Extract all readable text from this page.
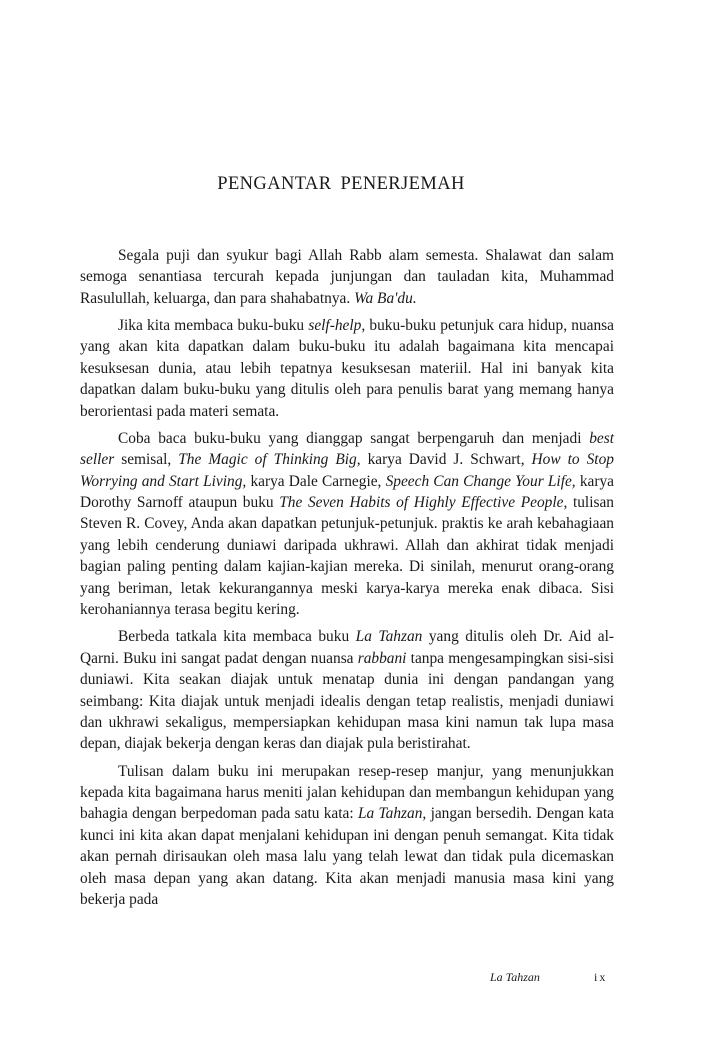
PENGANTAR PENERJEMAH

Segala puji dan syukur bagi Allah Rabb alam semesta. Shalawat dan salam semoga senantiasa tercurah kepada junjungan dan tauladan kita, Muhammad Rasulullah, keluarga, dan para shahabatnya. Wa Ba'du.

Jika kita membaca buku-buku self-help, buku-buku petunjuk cara hidup, nuansa yang akan kita dapatkan dalam buku-buku itu adalah bagaimana kita mencapai kesuksesan dunia, atau lebih tepatnya kesuksesan materiil. Hal ini banyak kita dapatkan dalam buku-buku yang ditulis oleh para penulis barat yang memang hanya berorientasi pada materi semata.

Coba baca buku-buku yang dianggap sangat berpengaruh dan menjadi best seller semisal, The Magic of Thinking Big, karya David J. Schwart, How to Stop Worrying and Start Living, karya Dale Carnegie, Speech Can Change Your Life, karya Dorothy Sarnoff ataupun buku The Seven Habits of Highly Effective People, tulisan Steven R. Covey, Anda akan dapatkan petunjuk-petunjuk. praktis ke arah kebahagiaan yang lebih cenderung duniawi daripada ukhrawi. Allah dan akhirat tidak menjadi bagian paling penting dalam kajian-kajian mereka. Di sinilah, menurut orang-orang yang beriman, letak kekurangannya meski karya-karya mereka enak dibaca. Sisi kerohaniannya terasa begitu kering.

Berbeda tatkala kita membaca buku La Tahzan yang ditulis oleh Dr. Aid al-Qarni. Buku ini sangat padat dengan nuansa rabbani tanpa mengesampingkan sisi-sisi duniawi. Kita seakan diajak untuk menatap dunia ini dengan pandangan yang seimbang: Kita diajak untuk menjadi idealis dengan tetap realistis, menjadi duniawi dan ukhrawi sekaligus, mempersiapkan kehidupan masa kini namun tak lupa masa depan, diajak bekerja dengan keras dan diajak pula beristirahat.

Tulisan dalam buku ini merupakan resep-resep manjur, yang menunjukkan kepada kita bagaimana harus meniti jalan kehidupan dan membangun kehidupan yang bahagia dengan berpedoman pada satu kata: La Tahzan, jangan bersedih. Dengan kata kunci ini kita akan dapat menjalani kehidupan ini dengan penuh semangat. Kita tidak akan pernah dirisaukan oleh masa lalu yang telah lewat dan tidak pula dicemaskan oleh masa depan yang akan datang. Kita akan menjadi manusia masa kini yang bekerja pada

La Tahzan	ix
